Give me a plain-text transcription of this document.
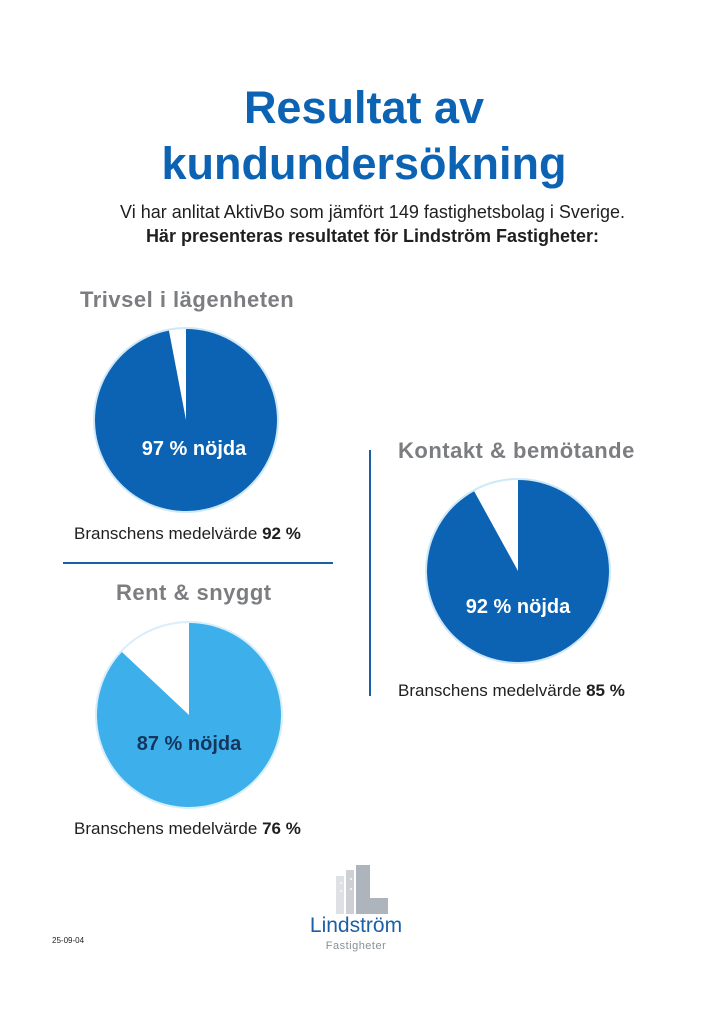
Resultat av
kundundersökning

Vi har anlitat AktivBo som jämfört 149 fastighetsbolag i Sverige.

Här presenteras resultatet för Lindström Fastigheter:

Trivsel i lägenheten
97 % nöjda

Branschens medelvärde 92 %

Rent & snyggt
87 % nöjda

Branschens medelvärde 76 %

Kontakt & bemötande
92 % nöjda

Branschens medelvärde 85 %

Lindström

Fastigheter

25-09-04
